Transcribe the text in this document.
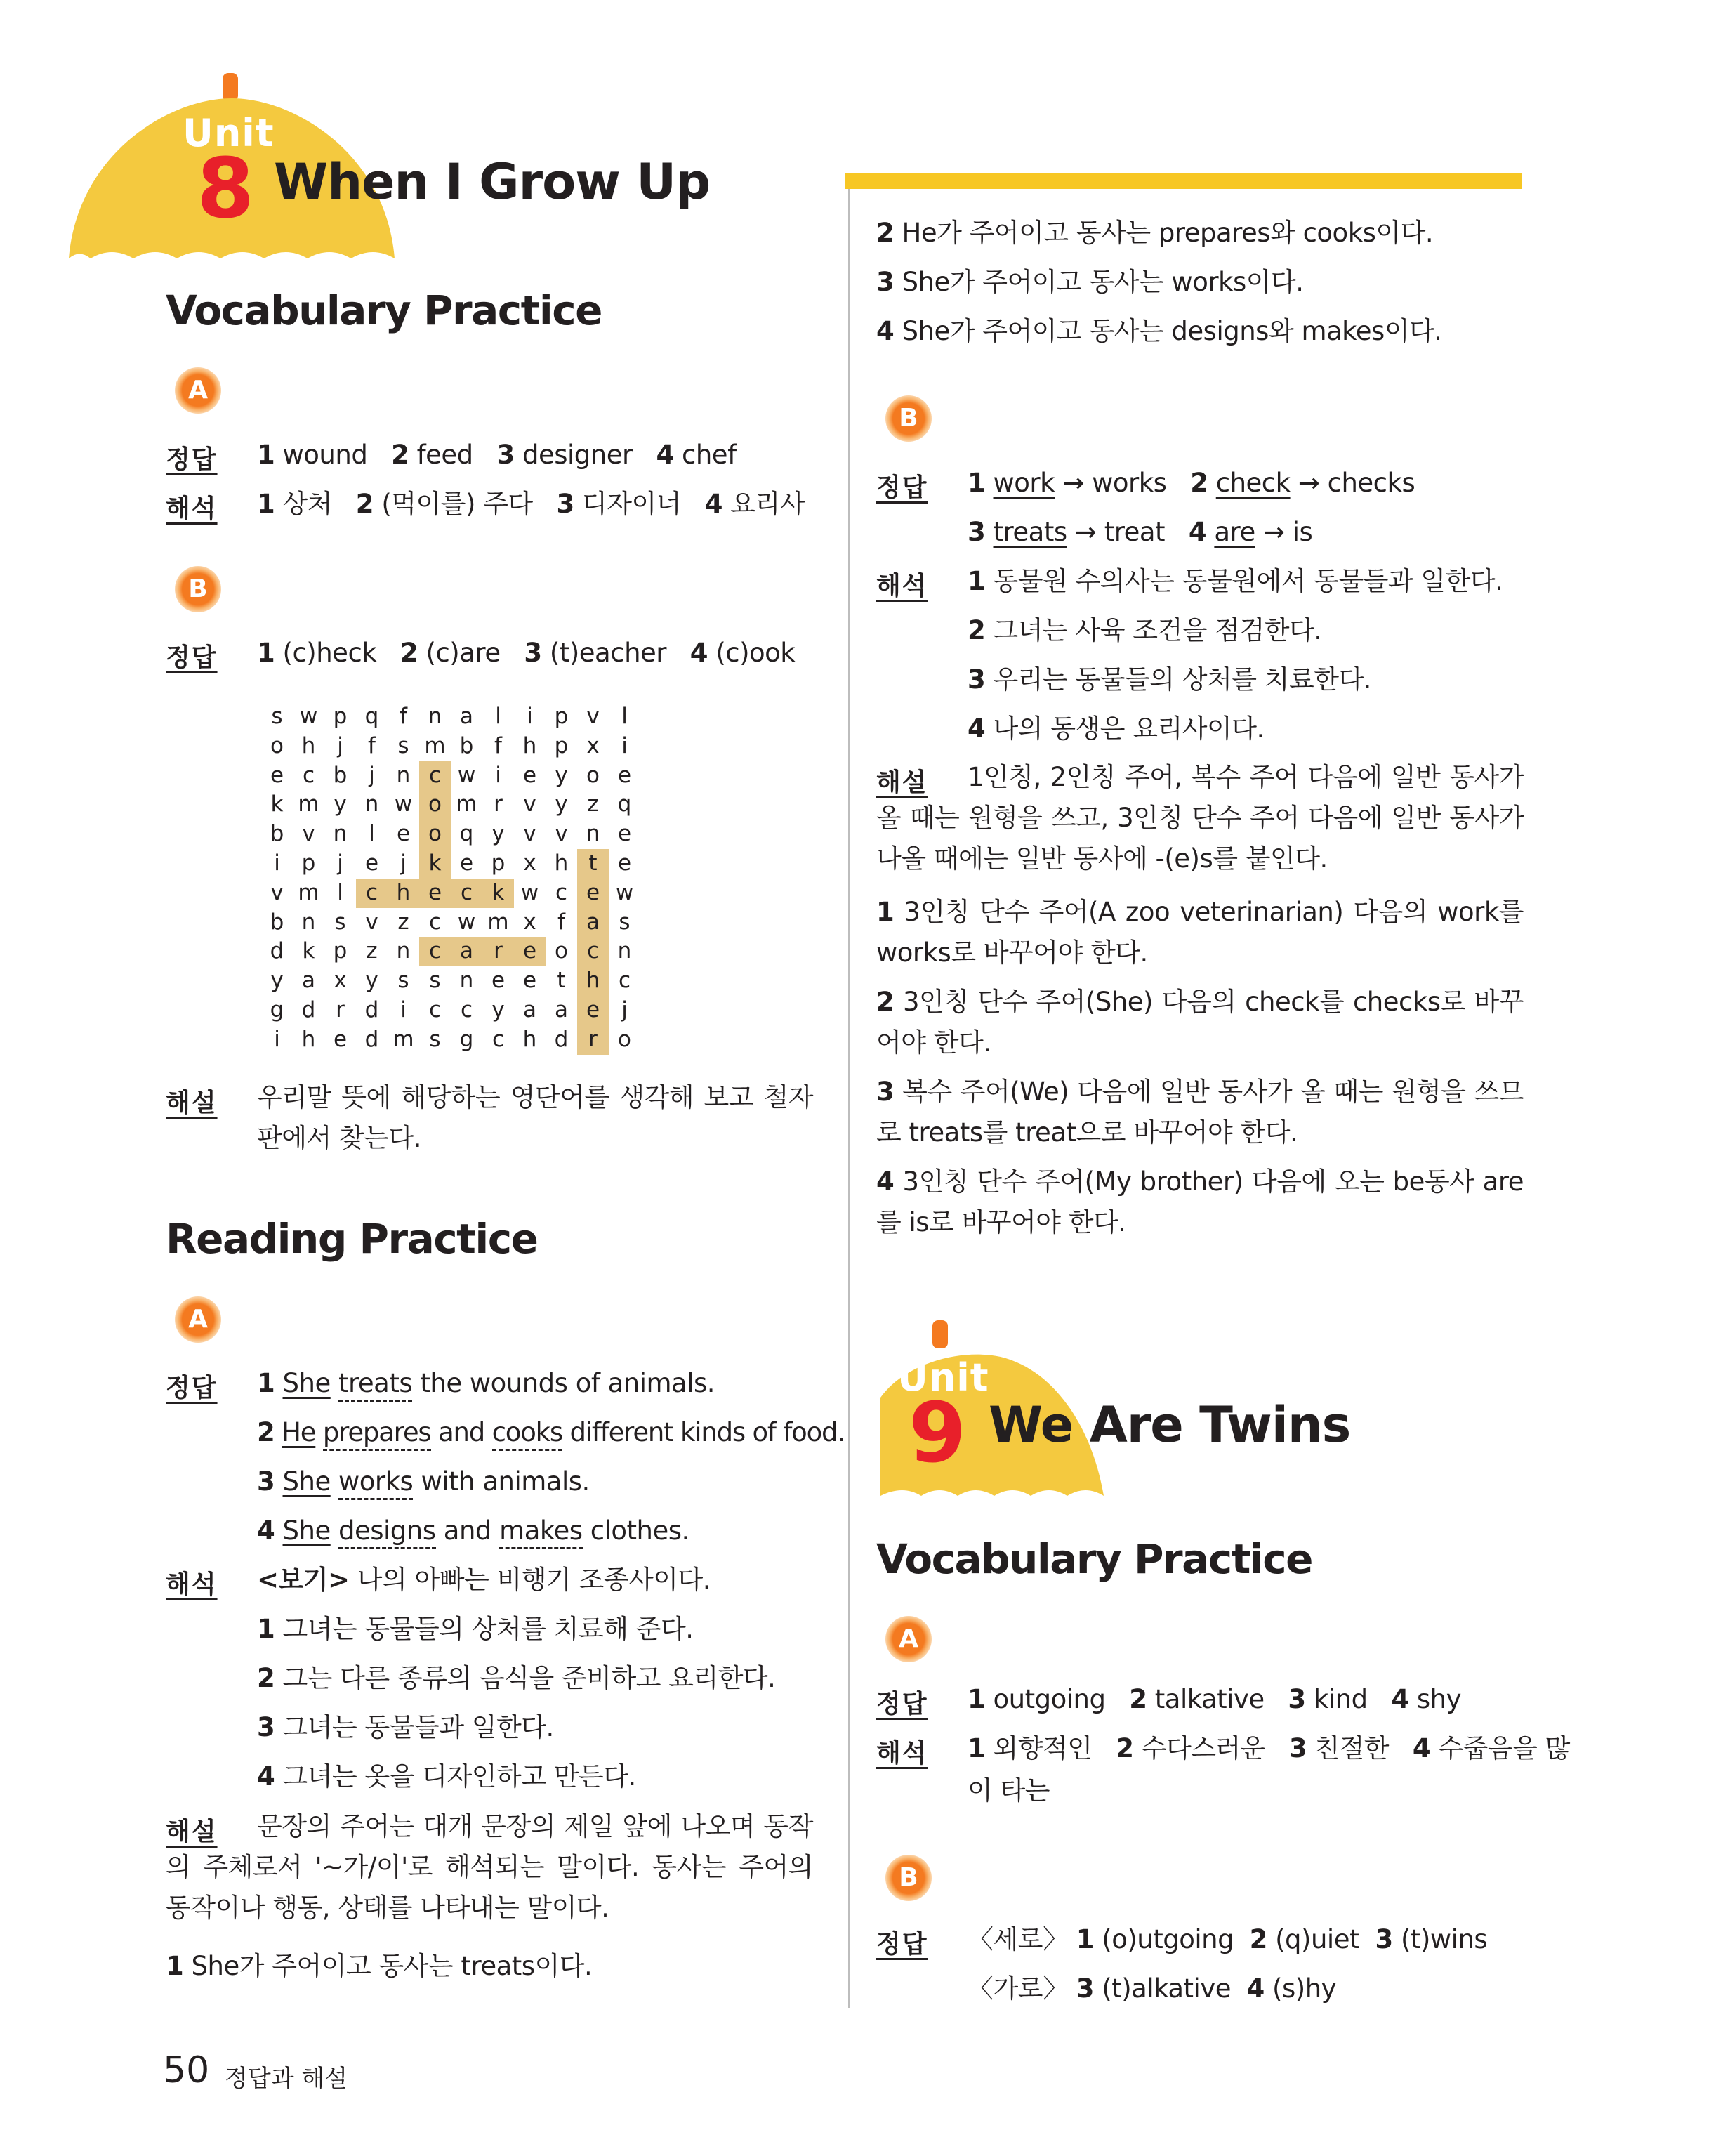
Unit
8 When I Grow Up
Vocabulary Practice
A
정답 1 wound 2 feed 3 designer 4 chef
해석 1 상처 2 (먹이를) 주다 3 디자이너 4 요리사
B
정답 1 (c)heck 2 (c)are 3 (t)eacher 4 (c)ook
s w p q f n a	l	i p v	l
o h j	f	s m b f h p x	i
e c b j n c w i	e y o e
k m y n w o m r v y z q
b v n l	e o q y v v n e
i p j	e	j	k e p x h t e
v m l	c h e c k w c e w
b n s v z c w m x f a s
d k p z n c a r e o c n
y a x y s s n e e t h c
g d r d i	c c y a a e	j
i h e d m s g c h d r o
해설 우리말 뜻에 해당하는 영단어를 생각해 보고 철자판에서 찾는다.
Reading Practice
A
정답 1 She treats the wounds of animals.
2 He prepares and cooks different kinds of food.
3 She works with animals.
4 She designs and makes clothes.
해석 <보기> 나의 아빠는 비행기 조종사이다.
1 그녀는 동물들의 상처를 치료해 준다.
2 그는 다른 종류의 음식을 준비하고 요리한다.
3 그녀는 동물들과 일한다.
4 그녀는 옷을 디자인하고 만든다.
해설	문장의 주어는 대개 문장의 제일 앞에 나오며 동작의 주체로서 '~가/이'로 해석되는 말이다. 동사는 주어의 동작이나 행동, 상태를 나타내는 말이다.
1 She가 주어이고 동사는 treats이다.
2 He가 주어이고 동사는 prepares와 cooks이다.
3 She가 주어이고 동사는 works이다.
4 She가 주어이고 동사는 designs와 makes이다.
B
정답 1 work → works 2 check → checks
3 treats → treat 4 are → is
해석 1 동물원 수의사는 동물원에서 동물들과 일한다.
2 그녀는 사육 조건을 점검한다.
3 우리는 동물들의 상처를 치료한다.
4 나의 동생은 요리사이다.
해설	1인칭, 2인칭 주어, 복수 주어 다음에 일반 동사가 올 때는 원형을 쓰고, 3인칭 단수 주어 다음에 일반 동사가 나올 때에는 일반 동사에 -(e)s를 붙인다.
1 3인칭 단수 주어(A zoo veterinarian) 다음의 work를 works로 바꾸어야 한다.
2 3인칭 단수 주어(She) 다음의 check를 checks로 바꾸어야 한다.
3 복수 주어(We) 다음에 일반 동사가 올 때는 원형을 쓰므로 treats를 treat으로 바꾸어야 한다.
4 3인칭 단수 주어(My brother) 다음에 오는 be동사 are를 is로 바꾸어야 한다.
Unit
9 We Are Twins
Vocabulary Practice
A
정답 1 outgoing 2 talkative 3 kind 4 shy
해석 1 외향적인 2 수다스러운 3 친절한 4 수줍음을 많
이 타는
B
정답 〈세로〉 1 (o)utgoing 2 (q)uiet 3 (t)wins
〈가로〉 3 (t)alkative 4 (s)hy
50 정답과 해설
